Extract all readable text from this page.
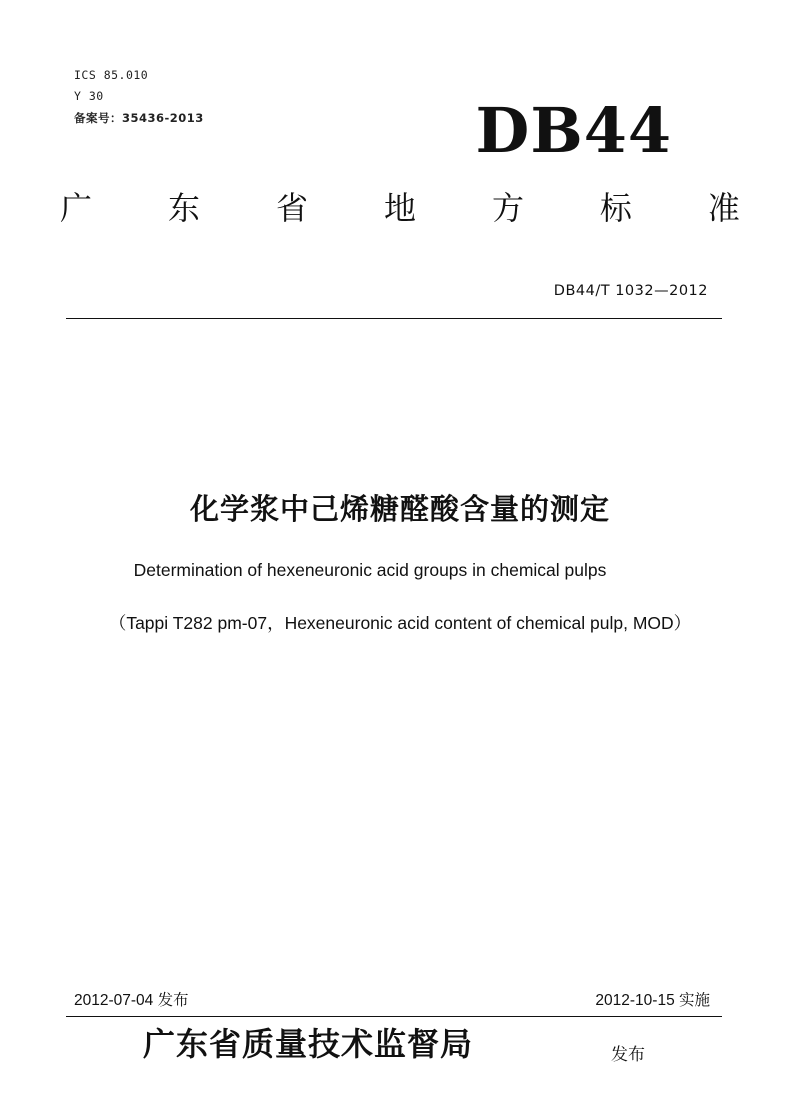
ICS 85.010
Y 30
备案号：35436-2013	DB44
广 东 省 地 方 标 准
DB44/T 1032—2012
化学浆中己烯糖醛酸含量的测定
Determination of hexeneuronic acid groups in chemical pulps
（Tappi T282 pm-07，Hexeneuronic acid content of chemical pulp, MOD）
2012-07-04 发布	2012-10-15 实施
广东省质量技术监督局	发布
